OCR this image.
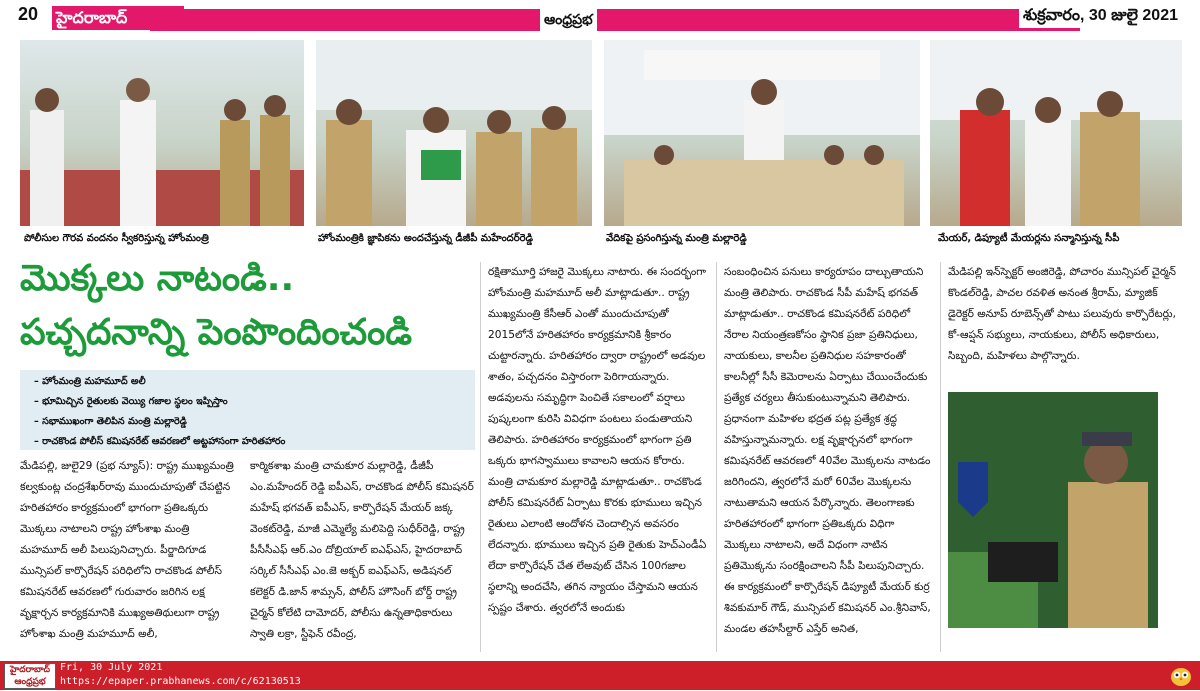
20 హైదరాబాద్	ఆంధ్రప్రభ	శుక్రవారం, 30 జులై 2021
పోలీసుల గౌరవ వందనం స్వీకరిస్తున్న హోంమంత్రి	హోంమంత్రికి జ్ఞాపికను అందచేస్తున్న డీజీపీ మహేందర్‌రెడ్డి	వేదికపై ప్రసంగిస్తున్న మంత్రి మల్లారెడ్డి	మేయర్, డిప్యూటీ మేయర్లను సన్మానిస్తున్న సీపీ
మొక్కలు నాటండి..
పచ్చదనాన్ని పెంపొందించండి
– హోంమంత్రి మహమూద్ అలీ
– భూమిచ్చిన రైతులకు వెయ్యి గజాల స్థలం ఇప్పిస్తాం
– సభాముఖంగా తెలిపిన మంత్రి మల్లారెడ్డి
– రాచకొండ పోలీస్ కమిషనరేట్ ఆవరణలో అట్టహాసంగా హరితహారం

మేడిపల్లి, జులై29 (ప్రభ న్యూస్): రాష్ట్ర ముఖ్యమంత్రి కల్వకుంట్ల చంద్రశేఖర్‌రావు ముందుచూపుతో చేపట్టిన హరితహారం కార్యక్రమంలో భాగంగా ప్రతిఒక్కరు మొక్కలు నాటాలని రాష్ట్ర హోంశాఖ మంత్రి మహమూద్ అలీ పిలుపునిచ్చారు. పీర్జాదిగూడ మున్సిపల్ కార్పొరేషన్ పరిధిలోని రాచకొండ పోలీస్ కమిషనరేట్ ఆవరణలో గురువారం జరిగిన లక్ష వృక్షార్చన కార్యక్రమానికి ముఖ్యఅతిథులుగా రాష్ట్ర హోంశాఖ మంత్రి మహమూద్ అలీ,

కార్మికశాఖ మంత్రి చామకూర మల్లారెడ్డి, డీజీపీ ఎం.మహేందర్ రెడ్డి ఐపీఎస్, రాచకొండ పోలీస్ కమిషనర్ మహేష్ భగవత్ ఐపీఎస్, కార్పొరేషన్ మేయర్ జక్క వెంకట్‌రెడ్డి, మాజీ ఎమ్మెల్యే మలిపెద్ది సుధీర్‌రెడ్డి, రాష్ట్ర పీసీసీఎఫ్ ఆర్.ఎం దోబ్రియాల్ ఐఎఫ్‌ఎస్, హైదరాబాద్ సర్కిల్ సీసీఎఫ్ ఎం.జె అక్బర్ ఐఎఫ్‌ఎస్, అడిషనల్ కలెక్టర్ డి.జాన్ శామ్సన్, పోలీస్ హౌసింగ్ బోర్డ్ రాష్ట్ర చైర్మన్ కోలేటి దామోదర్, పోలీసు ఉన్నతాధికారులు స్వాతి లక్రా, స్టీఫెన్ రవీంద్ర,

రక్షితామూర్తి హాజరై మొక్కలు నాటారు. ఈ సందర్భంగా హోంమంత్రి మహమూద్ అలీ మాట్లాడుతూ.. రాష్ట్ర ముఖ్యమంత్రి కేసీఆర్ ఎంతో ముందుచూపుతో 2015లోనే హరితహారం కార్యక్రమానికి శ్రీకారం చుట్టారన్నారు. హరితహారం ద్వారా రాష్ట్రంలో అడవుల శాతం, పచ్చదనం విస్తారంగా పెరిగాయన్నారు. అడవులను సమృద్ధిగా పెంచితే సకాలంలో వర్షాలు పుష్కలంగా కురిసి వివిధగా పంటలు పండుతాయని తెలిపారు. హరితహారం కార్యక్రమంలో భాగంగా ప్రతి ఒక్కరు భాగస్వాములు కావాలని ఆయన కోరారు. మంత్రి చామకూర మల్లారెడ్డి మాట్లాడుతూ.. రాచకొండ పోలీస్ కమిషనరేట్ ఏర్పాటు కొరకు భూములు ఇచ్చిన రైతులు ఎలాంటి ఆందోళన చెందాల్సిన అవసరం లేదన్నారు. భూములు ఇచ్చిన ప్రతి రైతుకు హెచ్ఎండీఏ లేదా కార్పొరేషన్ చేత లేఅవుట్ చేసిన 100గజాల స్థలాన్ని అందచేసి, తగిన న్యాయం చేస్తామని ఆయన స్పష్టం చేశారు. త్వరలోనే అందుకు

సంబంధించిన పనులు కార్యరూపం దాల్చుతాయని మంత్రి తెలిపారు. రాచకొండ సీపీ మహేష్ భగవత్ మాట్లాడుతూ.. రాచకొండ కమిషనరేట్ పరిధిలో నేరాల నియంత్రణకోసం స్థానిక ప్రజా ప్రతినిధులు, నాయకులు, కాలనీల ప్రతినిధుల సహకారంతో కాలనీల్లో సీసీ కెమెరాలను ఏర్పాటు చేయించేందుకు ప్రత్యేక చర్యలు తీసుకుంటున్నామని తెలిపారు. ప్రధానంగా మహిళల భద్రత పట్ల ప్రత్యేక శ్రద్ధ వహిస్తున్నామన్నారు. లక్ష వృక్షార్చనలో భాగంగా కమిషనరేట్ ఆవరణలో 40వేల మొక్కలను నాటడం జరిగిందని, త్వరలోనే మరో 60వేల మొక్కలను నాటుతామని ఆయన పేర్కొన్నారు. తెలంగాణకు హరితహారంలో భాగంగా ప్రతిఒక్కరు విధిగా మొక్కలు నాటాలని, అదే విధంగా నాటిన ప్రతిమొక్కను సంరక్షించాలని సీపీ పిలుపునిచ్చారు. ఈ కార్యక్రమంలో కార్పొరేషన్ డిప్యూటీ మేయర్ కుర్ర శివకుమార్ గౌడ్, మున్సిపల్ కమిషనర్ ఎం.శ్రీనివాస్, మండల తహసీల్దార్ ఎస్తేర్ అనిత,

మేడిపల్లి ఇన్‌స్పెక్టర్ అంజిరెడ్డి, పోచారం మున్సిపల్ చైర్మన్ కొండల్‌రెడ్డి, పాచల రవళిత అనంత శ్రీరామ్, మ్యాజిక్ డైరెక్టర్ అనూప్ రూబెన్స్‌తో పాటు పలువురు కార్పొరేటర్లు, కో-ఆప్షన్ సభ్యులు, నాయకులు, పోలీస్ అధికారులు, సిబ్బంది, మహిళలు పాల్గొన్నారు.

హైదరాబాద్ ఆంధ్రప్రభ
Fri, 30 July 2021
https://epaper.prabhanews.com/c/62130513
